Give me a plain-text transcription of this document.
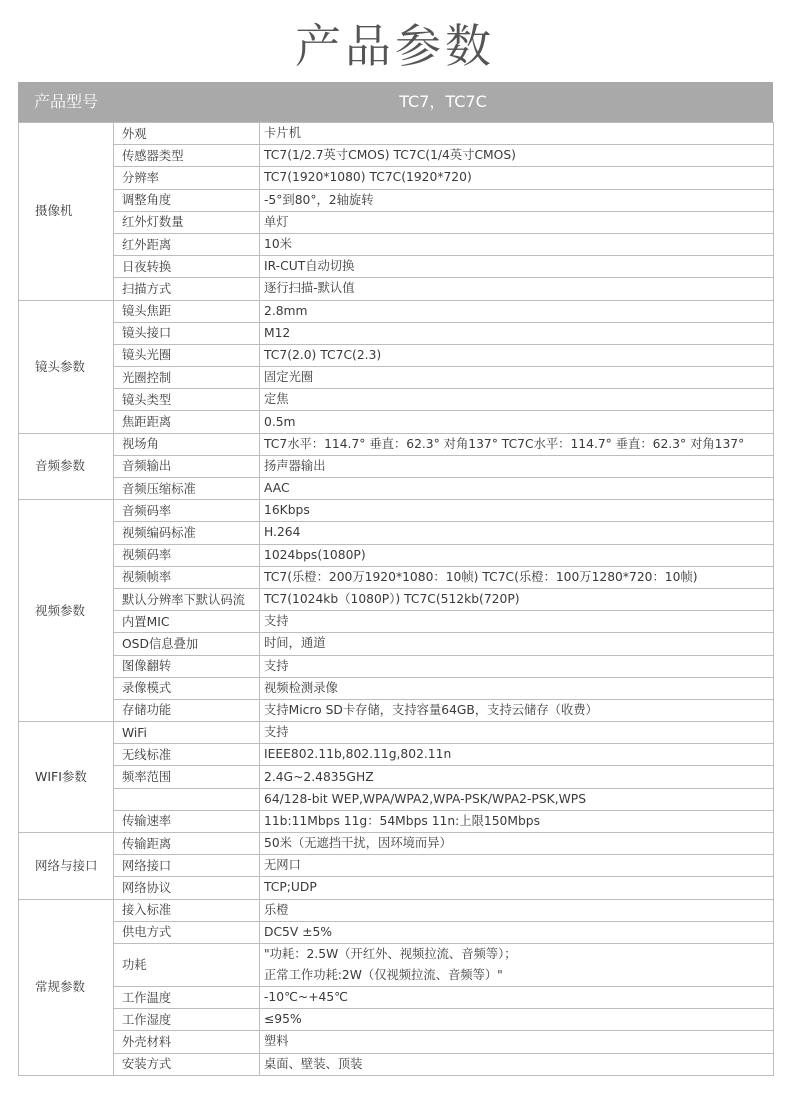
产品参数
产品型号	TC7，TC7C
摄像机	外观	卡片机

	传感器类型	TC7(1/2.7英寸CMOS) TC7C(1/4英寸CMOS)

	分辨率	TC7(1920*1080) TC7C(1920*720)

	调整角度	-5°到80°，2轴旋转

	红外灯数量	单灯

	红外距离	10米

	日夜转换	IR-CUT自动切换

	扫描方式	逐行扫描-默认值

镜头参数	镜头焦距	2.8mm

	镜头接口	M12

	镜头光圈	TC7(2.0) TC7C(2.3)

	光圈控制	固定光圈

	镜头类型	定焦

	焦距距离	0.5m

音频参数	视场角	TC7水平：114.7° 垂直：62.3° 对角137° TC7C水平：114.7° 垂直：62.3° 对角137°

	音频输出	扬声器输出

	音频压缩标准	AAC

视频参数	音频码率	16Kbps

	视频编码标准	H.264

	视频码率	1024bps(1080P)

	视频帧率	TC7(乐橙：200万1920*1080：10帧) TC7C(乐橙：100万1280*720：10帧)

	默认分辨率下默认码流	TC7(1024kb（1080P）) TC7C(512kb(720P)

	内置MIC	支持

	OSD信息叠加	时间，通道

	图像翻转	支持

	录像模式	视频检测录像

	存储功能	支持Micro SD卡存储，支持容量64GB，支持云储存（收费）

WIFI参数	WiFi	支持

	无线标准	IEEE802.11b,802.11g,802.11n

	频率范围	2.4G~2.4835GHZ

		64/128-bit WEP,WPA/WPA2,WPA-PSK/WPA2-PSK,WPS

	传输速率	11b:11Mbps 11g：54Mbps 11n:上限150Mbps

网络与接口	传输距离	50米（无遮挡干扰，因环境而异）

	网络接口	无网口

	网络协议	TCP;UDP

常规参数	接入标准	乐橙

	供电方式	DC5V ±5%

	功耗	"功耗：2.5W（开红外、视频拉流、音频等）；
正常工作功耗:2W（仅视频拉流、音频等）"

	工作温度	-10℃~+45℃

	工作湿度	≤95%

	外壳材料	塑料

	安装方式	桌面、壁装、顶装
